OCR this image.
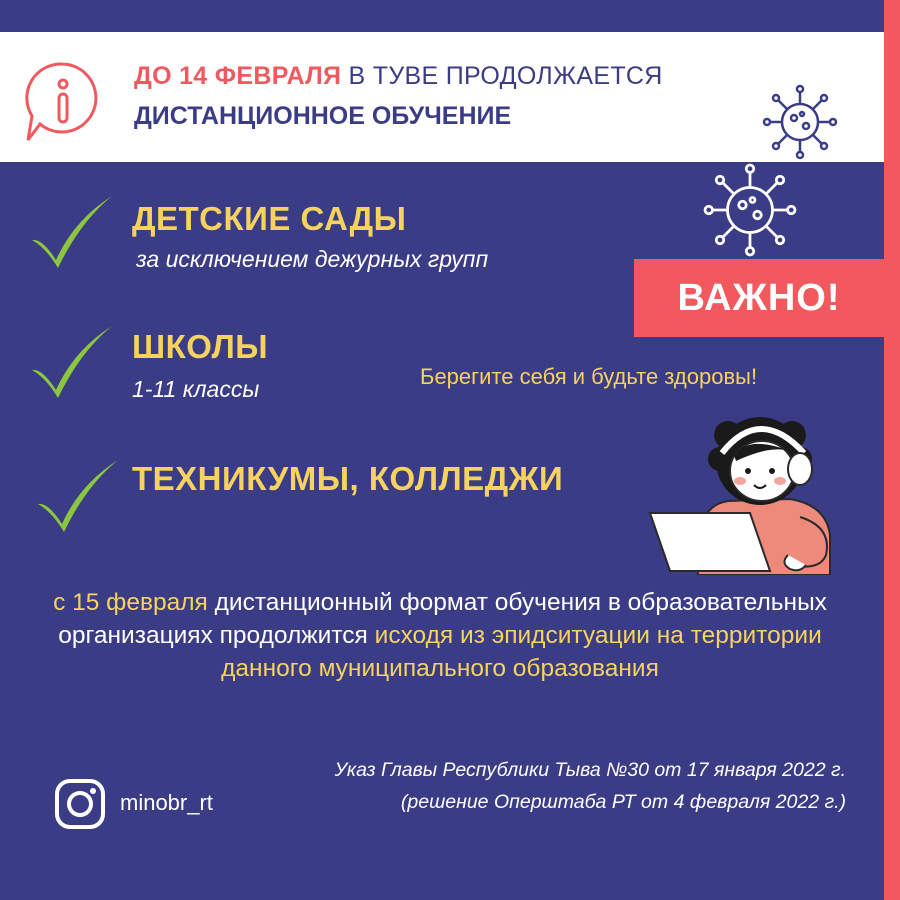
ДО 14 ФЕВРАЛЯ В ТУВЕ ПРОДОЛЖАЕТСЯ
ДИСТАНЦИОННОЕ ОБУЧЕНИЕ
ДЕТСКИЕ САДЫ
за исключением дежурных групп
ШКОЛЫ
1-11 классы
ТЕХНИКУМЫ, КОЛЛЕДЖИ
ВАЖНО!
Берегите себя и будьте здоровы!
с 15 февраля дистанционный формат обучения в образовательных организациях продолжится исходя из эпидситуации на территории данного муниципального образования
Указ Главы Республики Тыва №30 от 17 января 2022 г.
(решение Оперштаба РТ от 4 февраля 2022 г.)
minobr_rt
